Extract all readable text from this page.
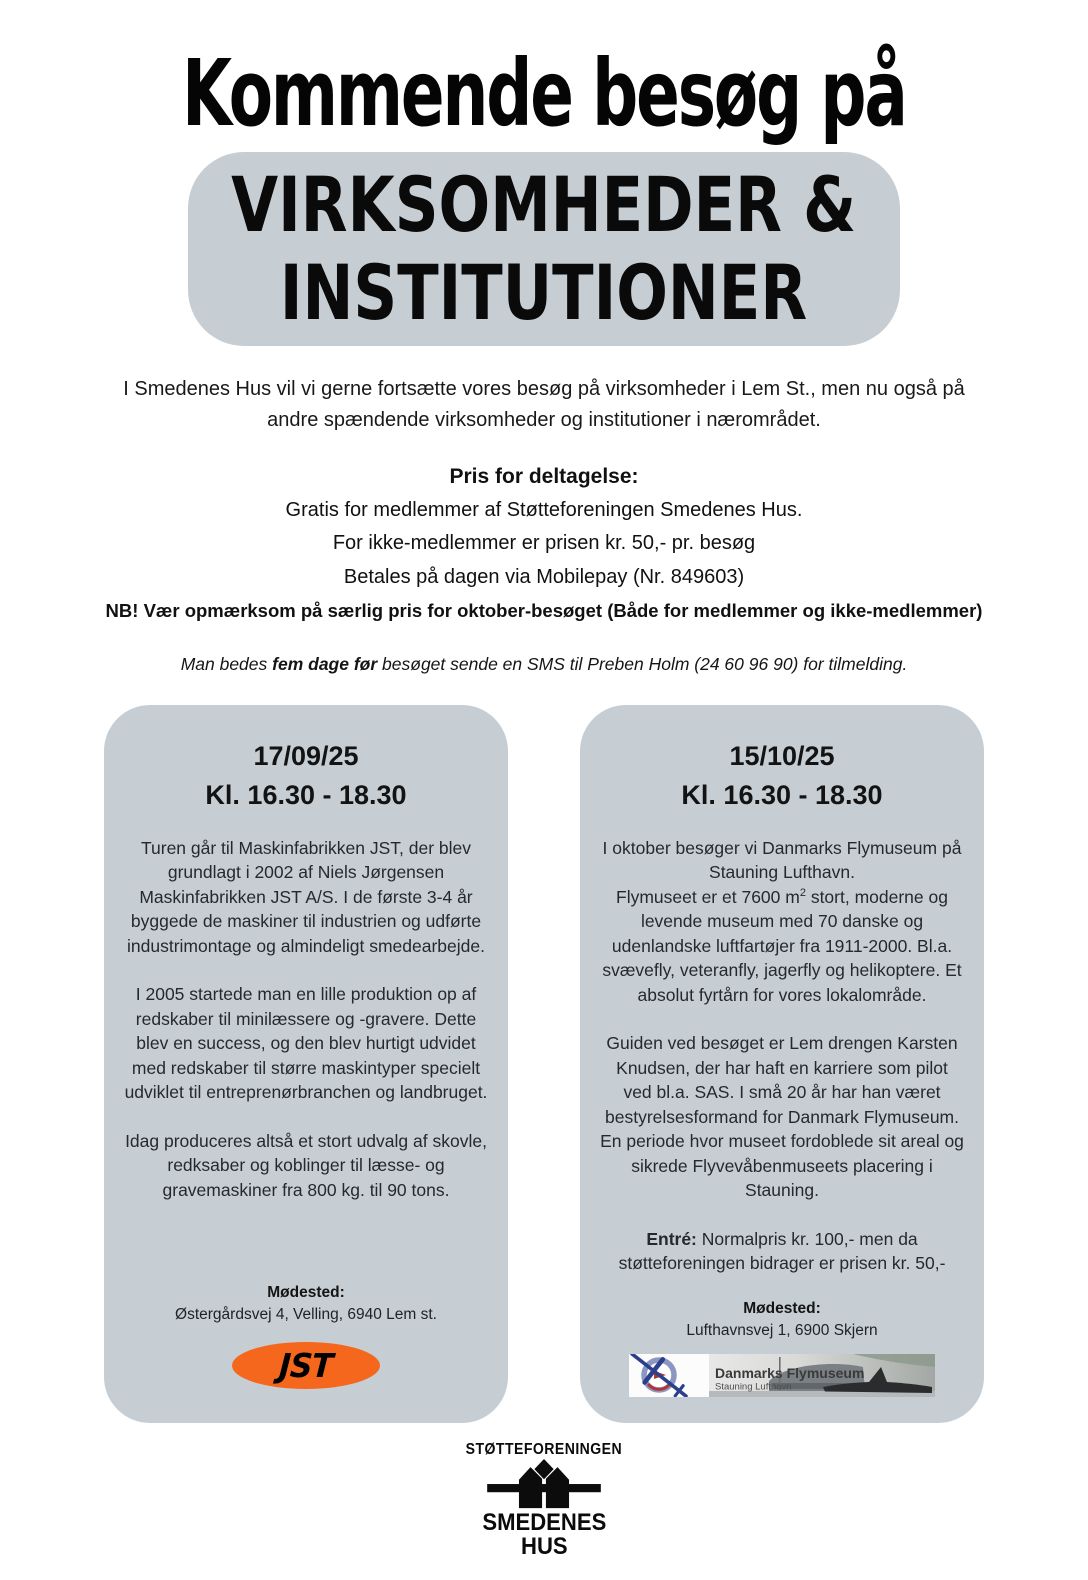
Kommende besøg på
VIRKSOMHEDER &
INSTITUTIONER

I Smedenes Hus vil vi gerne fortsætte vores besøg på virksomheder i Lem St., men nu også på andre spændende virksomheder og institutioner i nærområdet.

Pris for deltagelse:

Gratis for medlemmer af Støtteforeningen Smedenes Hus.

For ikke-medlemmer er prisen kr. 50,- pr. besøg

Betales på dagen via Mobilepay (Nr. 849603)

NB! Vær opmærksom på særlig pris for oktober-besøget (Både for medlemmer og ikke-medlemmer)

Man bedes fem dage før besøget sende en SMS til Preben Holm (24 60 96 90) for tilmelding.

17/09/25
Kl. 16.30 - 18.30

Turen går til Maskinfabrikken JST, der blev grundlagt i 2002 af Niels Jørgensen Maskinfabrikken JST A/S. I de første 3-4 år byggede de maskiner til industrien og udførte industrimontage og almindeligt smedearbejde.

I 2005 startede man en lille produktion op af redskaber til minilæssere og -gravere. Dette blev en success, og den blev hurtigt udvidet med redskaber til større maskintyper specielt udviklet til entreprenørbranchen og landbruget.

Idag produceres altså et stort udvalg af skovle, redksaber og koblinger til læsse- og gravemaskiner fra 800 kg. til 90 tons.

Mødested:
Østergårdsvej 4, Velling, 6940 Lem st.
JST
15/10/25
Kl. 16.30 - 18.30

I oktober besøger vi Danmarks Flymuseum på Stauning Lufthavn.
Flymuseet er et 7600 $m^2$ stort, moderne og levende museum med 70 danske og udenlandske luftfartøjer fra 1911-2000. Bl.a. svævefly, veteranfly, jagerfly og helikoptere. Et absolut fyrtårn for vores lokalområde.

Guiden ved besøget er Lem drengen Karsten Knudsen, der har haft en karriere som pilot ved bl.a. SAS. I små 20 år har han været bestyrelsesformand for Danmark Flymuseum. En periode hvor museet fordoblede sit areal og sikrede Flyvevåbenmuseets placering i Stauning.

Entré: Normalpris kr. 100,- men da støtteforeningen bidrager er prisen kr. 50,-

Mødested:
Lufthavnsvej 1, 6900 Skjern
Danmarks Flymuseum
Stauning Lufthavn
STØTTEFORENINGEN
SMEDENES
HUS
